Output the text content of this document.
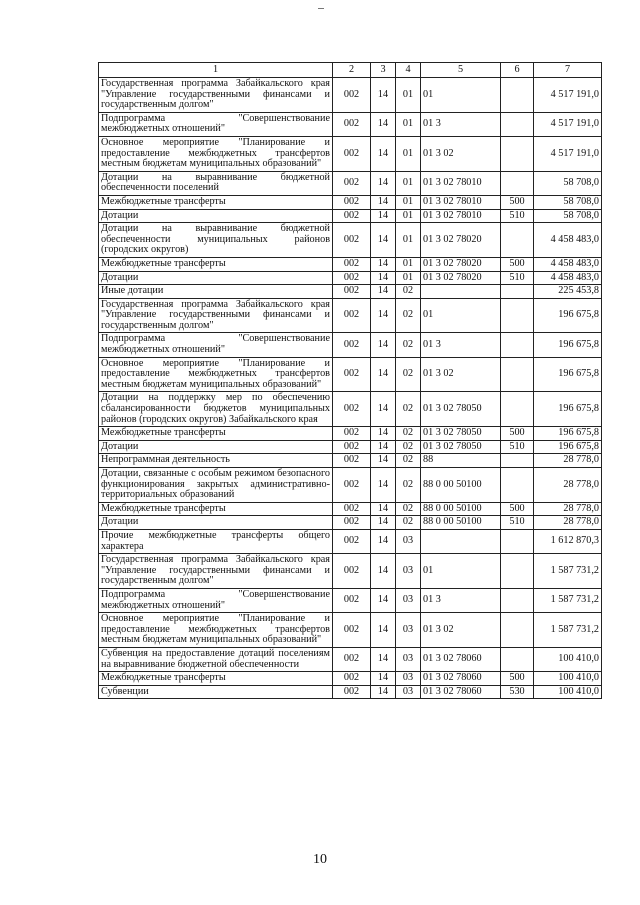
1	2	3	4	5	6	7
Государственная программа Забайкальского края "Управление государственными финансами и государственным долгом"	002	14	01	01		4 517 191,0
Подпрограмма "Совершенствование межбюджетных отношений"	002	14	01	01 3		4 517 191,0
Основное мероприятие "Планирование и предоставление межбюджетных трансфертов местным бюджетам муниципальных образований"	002	14	01	01 3 02		4 517 191,0
Дотации на выравнивание бюджетной обеспеченности поселений	002	14	01	01 3 02 78010		58 708,0
Межбюджетные трансферты	002	14	01	01 3 02 78010	500	58 708,0
Дотации	002	14	01	01 3 02 78010	510	58 708,0
Дотации на выравнивание бюджетной обеспеченности муниципальных районов (городских округов)	002	14	01	01 3 02 78020		4 458 483,0
Межбюджетные трансферты	002	14	01	01 3 02 78020	500	4 458 483,0
Дотации	002	14	01	01 3 02 78020	510	4 458 483,0
Иные дотации	002	14	02			225 453,8
Государственная программа Забайкальского края "Управление государственными финансами и государственным долгом"	002	14	02	01		196 675,8
Подпрограмма "Совершенствование межбюджетных отношений"	002	14	02	01 3		196 675,8
Основное мероприятие "Планирование и предоставление межбюджетных трансфертов местным бюджетам муниципальных образований"	002	14	02	01 3 02		196 675,8
Дотации на поддержку мер по обеспечению сбалансированности бюджетов муниципальных районов (городских округов) Забайкальского края	002	14	02	01 3 02 78050		196 675,8
Межбюджетные трансферты	002	14	02	01 3 02 78050	500	196 675,8
Дотации	002	14	02	01 3 02 78050	510	196 675,8
Непрограммная деятельность	002	14	02	88		28 778,0
Дотации, связанные с особым режимом безопасного функционирования закрытых административно-территориальных образований	002	14	02	88 0 00 50100		28 778,0
Межбюджетные трансферты	002	14	02	88 0 00 50100	500	28 778,0
Дотации	002	14	02	88 0 00 50100	510	28 778,0
Прочие межбюджетные трансферты общего характера	002	14	03			1 612 870,3
Государственная программа Забайкальского края "Управление государственными финансами и государственным долгом"	002	14	03	01		1 587 731,2
Подпрограмма "Совершенствование межбюджетных отношений"	002	14	03	01 3		1 587 731,2
Основное мероприятие "Планирование и предоставление межбюджетных трансфертов местным бюджетам муниципальных образований"	002	14	03	01 3 02		1 587 731,2
Субвенция на предоставление дотаций поселениям на выравнивание бюджетной обеспеченности	002	14	03	01 3 02 78060		100 410,0
Межбюджетные трансферты	002	14	03	01 3 02 78060	500	100 410,0
Субвенции	002	14	03	01 3 02 78060	530	100 410,0
10
